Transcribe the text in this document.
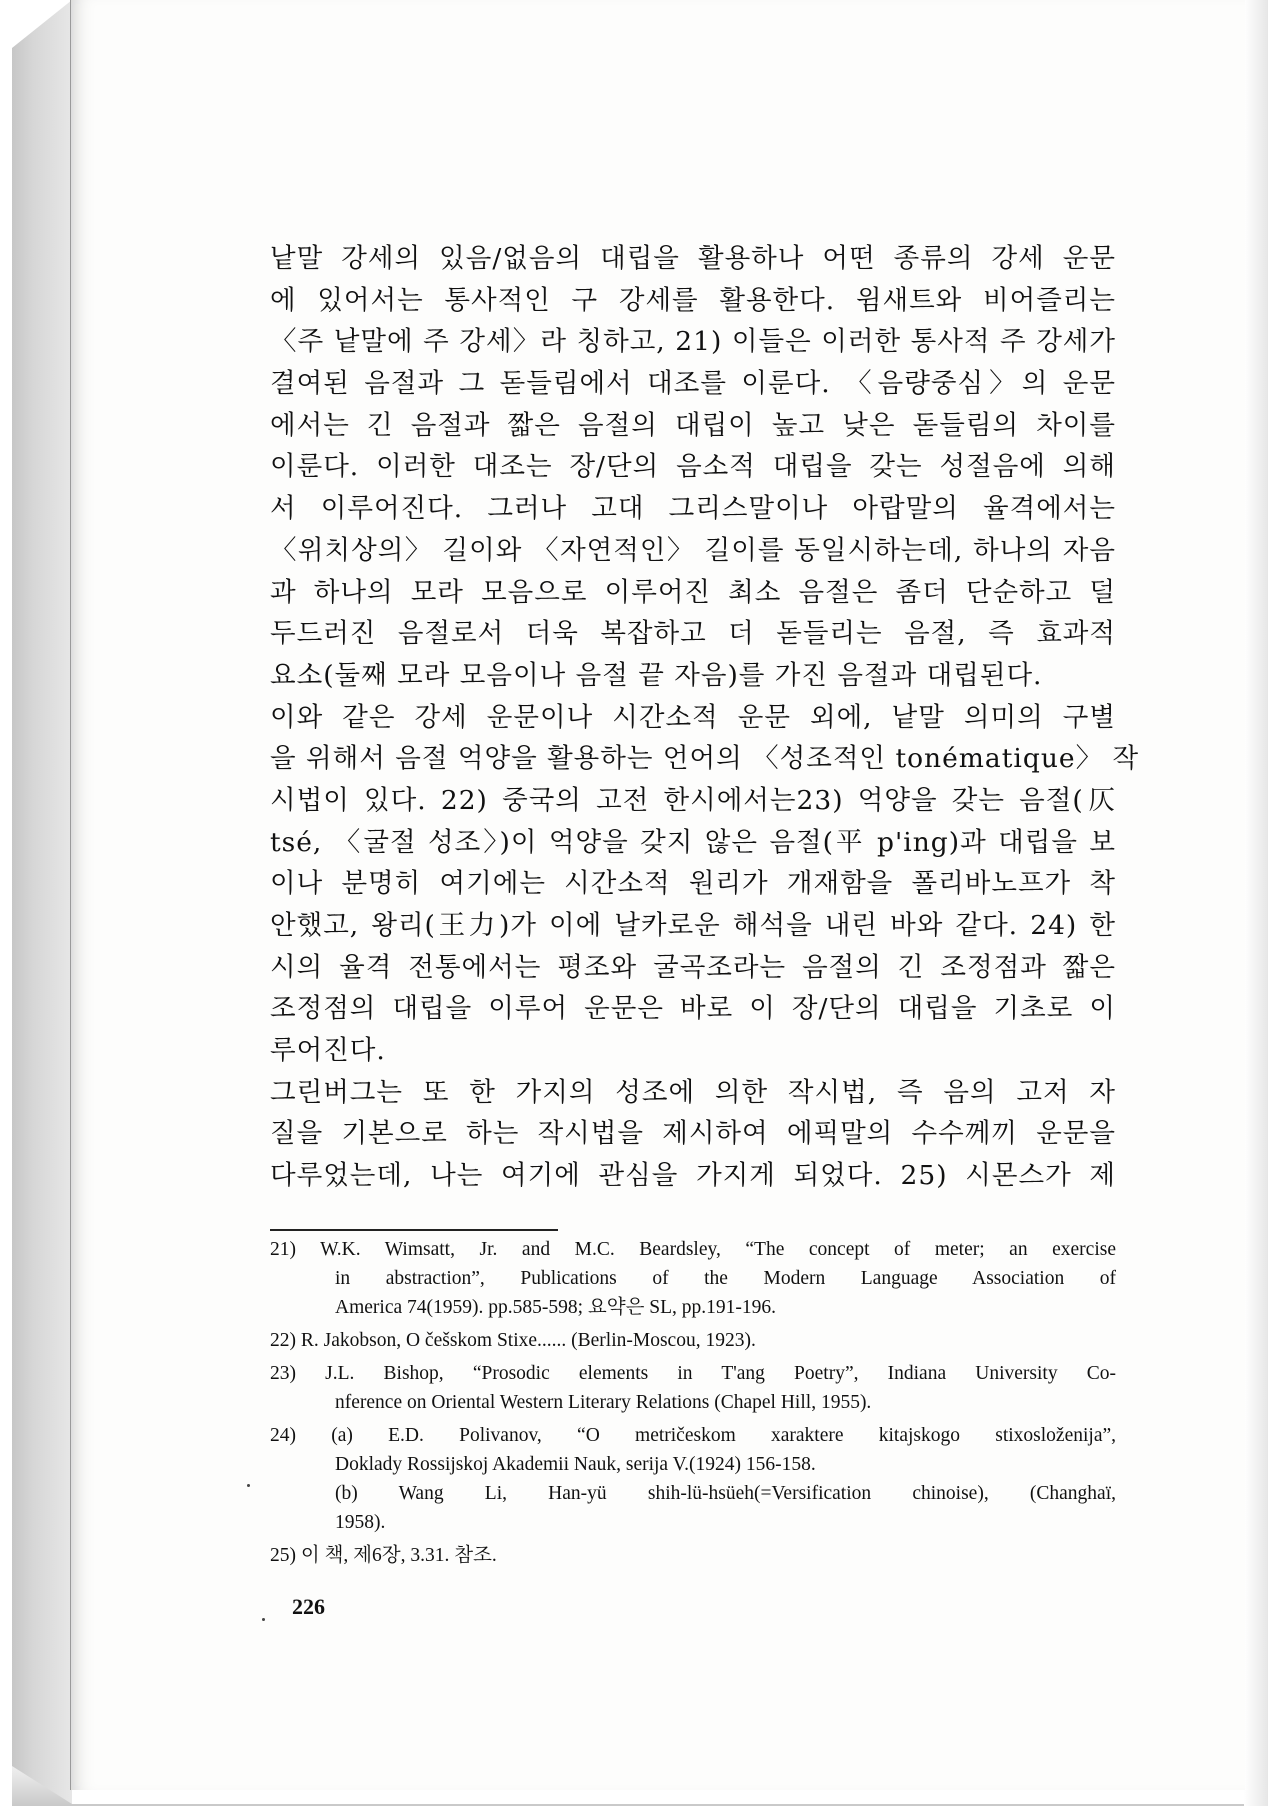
낱말 강세의 있음/없음의 대립을 활용하나 어떤 종류의 강세 운문
에 있어서는 통사적인 구 강세를 활용한다. 윔새트와 비어즐리는
〈주 낱말에 주 강세〉라 칭하고, 21) 이들은 이러한 통사적 주 강세가
결여된 음절과 그 돋들림에서 대조를 이룬다. 〈음량중심〉의 운문
에서는 긴 음절과 짧은 음절의 대립이 높고 낮은 돋들림의 차이를
이룬다. 이러한 대조는 장/단의 음소적 대립을 갖는 성절음에 의해
서 이루어진다. 그러나 고대 그리스말이나 아랍말의 율격에서는
〈위치상의〉 길이와 〈자연적인〉 길이를 동일시하는데, 하나의 자음
과 하나의 모라 모음으로 이루어진 최소 음절은 좀더 단순하고 덜
두드러진 음절로서 더욱 복잡하고 더 돋들리는 음절, 즉 효과적
요소(둘째 모라 모음이나 음절 끝 자음)를 가진 음절과 대립된다.
이와 같은 강세 운문이나 시간소적 운문 외에, 낱말 의미의 구별
을 위해서 음절 억양을 활용하는 언어의 〈성조적인 tonématique〉 작
시법이 있다. 22) 중국의 고전 한시에서는23) 억양을 갖는 음절(仄
tsé, 〈굴절 성조〉)이 억양을 갖지 않은 음절(平 p'ing)과 대립을 보
이나 분명히 여기에는 시간소적 원리가 개재함을 폴리바노프가 착
안했고, 왕리(王力)가 이에 날카로운 해석을 내린 바와 같다. 24) 한
시의 율격 전통에서는 평조와 굴곡조라는 음절의 긴 조정점과 짧은
조정점의 대립을 이루어 운문은 바로 이 장/단의 대립을 기초로 이
루어진다.
그린버그는 또 한 가지의 성조에 의한 작시법, 즉 음의 고저 자
질을 기본으로 하는 작시법을 제시하여 에픽말의 수수께끼 운문을
다루었는데, 나는 여기에 관심을 가지게 되었다. 25) 시몬스가 제
21) W.K. Wimsatt, Jr. and M.C. Beardsley, “The concept of meter; an exercise
in abstraction”, Publications of the Modern Language Association of
America 74(1959). pp.585-598; 요약은 SL, pp.191-196.
22) R. Jakobson, O češskom Stixe...... (Berlin-Moscou, 1923).
23) J.L. Bishop, “Prosodic elements in T'ang Poetry”, Indiana University Co-
nference on Oriental Western Literary Relations (Chapel Hill, 1955).
24) (a) E.D. Polivanov, “O metričeskom xaraktere kitajskogo stixosloženija”,
Doklady Rossijskoj Akademii Nauk, serija V.(1924) 156-158.
(b) Wang Li, Han-yü shih-lü-hsüeh(=Versification chinoise), (Changhaï,
1958).
25) 이 책, 제6장, 3.31. 참조.
226
